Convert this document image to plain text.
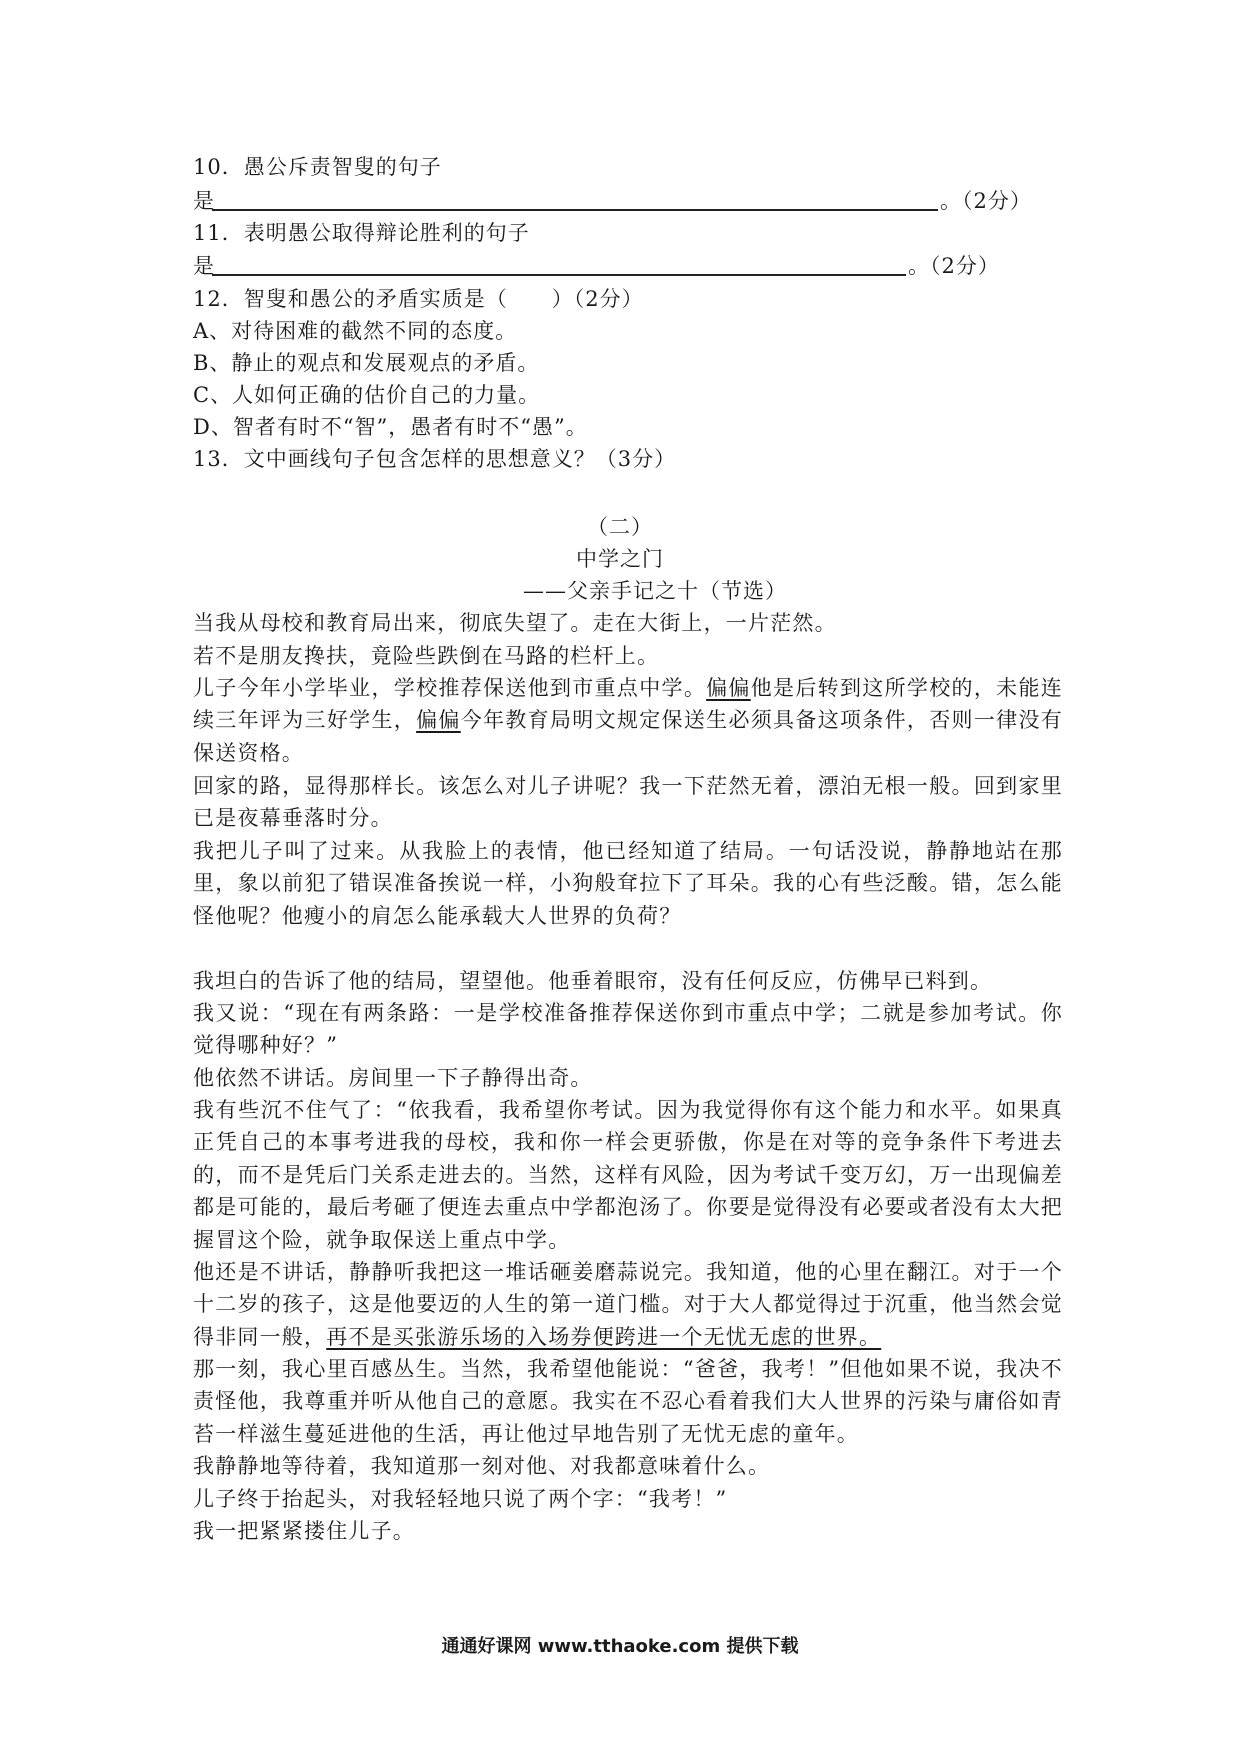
10．愚公斥责智叟的句子
是	。（2分）
11．表明愚公取得辩论胜利的句子
是	。（2分）
12．智叟和愚公的矛盾实质是（　　）（2分）
A、对待困难的截然不同的态度。
B、静止的观点和发展观点的矛盾。
C、人如何正确的估价自己的力量。
D、智者有时不“智”，愚者有时不“愚”。
13．文中画线句子包含怎样的思想意义？（3分）
（二）
中学之门
——父亲手记之十（节选）
当我从母校和教育局出来，彻底失望了。走在大街上，一片茫然。
若不是朋友搀扶，竟险些跌倒在马路的栏杆上。
儿子今年小学毕业，学校推荐保送他到市重点中学。偏偏他是后转到这所学校的，未能连续三年评为三好学生，偏偏今年教育局明文规定保送生必须具备这项条件，否则一律没有保送资格。
回家的路，显得那样长。该怎么对儿子讲呢？我一下茫然无着，漂泊无根一般。回到家里已是夜幕垂落时分。
我把儿子叫了过来。从我脸上的表情，他已经知道了结局。一句话没说，静静地站在那里，象以前犯了错误准备挨说一样，小狗般耷拉下了耳朵。我的心有些泛酸。错，怎么能怪他呢？他瘦小的肩怎么能承载大人世界的负荷？
我坦白的告诉了他的结局，望望他。他垂着眼帘，没有任何反应，仿佛早已料到。
我又说：“现在有两条路：一是学校准备推荐保送你到市重点中学；二就是参加考试。你觉得哪种好？”
他依然不讲话。房间里一下子静得出奇。
我有些沉不住气了：“依我看，我希望你考试。因为我觉得你有这个能力和水平。如果真正凭自己的本事考进我的母校，我和你一样会更骄傲，你是在对等的竞争条件下考进去的，而不是凭后门关系走进去的。当然，这样有风险，因为考试千变万幻，万一出现偏差都是可能的，最后考砸了便连去重点中学都泡汤了。你要是觉得没有必要或者没有太大把握冒这个险，就争取保送上重点中学。
他还是不讲话，静静听我把这一堆话砸姜磨蒜说完。我知道，他的心里在翻江。对于一个十二岁的孩子，这是他要迈的人生的第一道门槛。对于大人都觉得过于沉重，他当然会觉得非同一般，再不是买张游乐场的入场券便跨进一个无忧无虑的世界。
那一刻，我心里百感丛生。当然，我希望他能说：“爸爸，我考！”但他如果不说，我决不责怪他，我尊重并听从他自己的意愿。我实在不忍心看着我们大人世界的污染与庸俗如青苔一样滋生蔓延进他的生活，再让他过早地告别了无忧无虑的童年。
我静静地等待着，我知道那一刻对他、对我都意味着什么。
儿子终于抬起头，对我轻轻地只说了两个字：“我考！”
我一把紧紧搂住儿子。
通通好课网 www.tthaoke.com 提供下载
